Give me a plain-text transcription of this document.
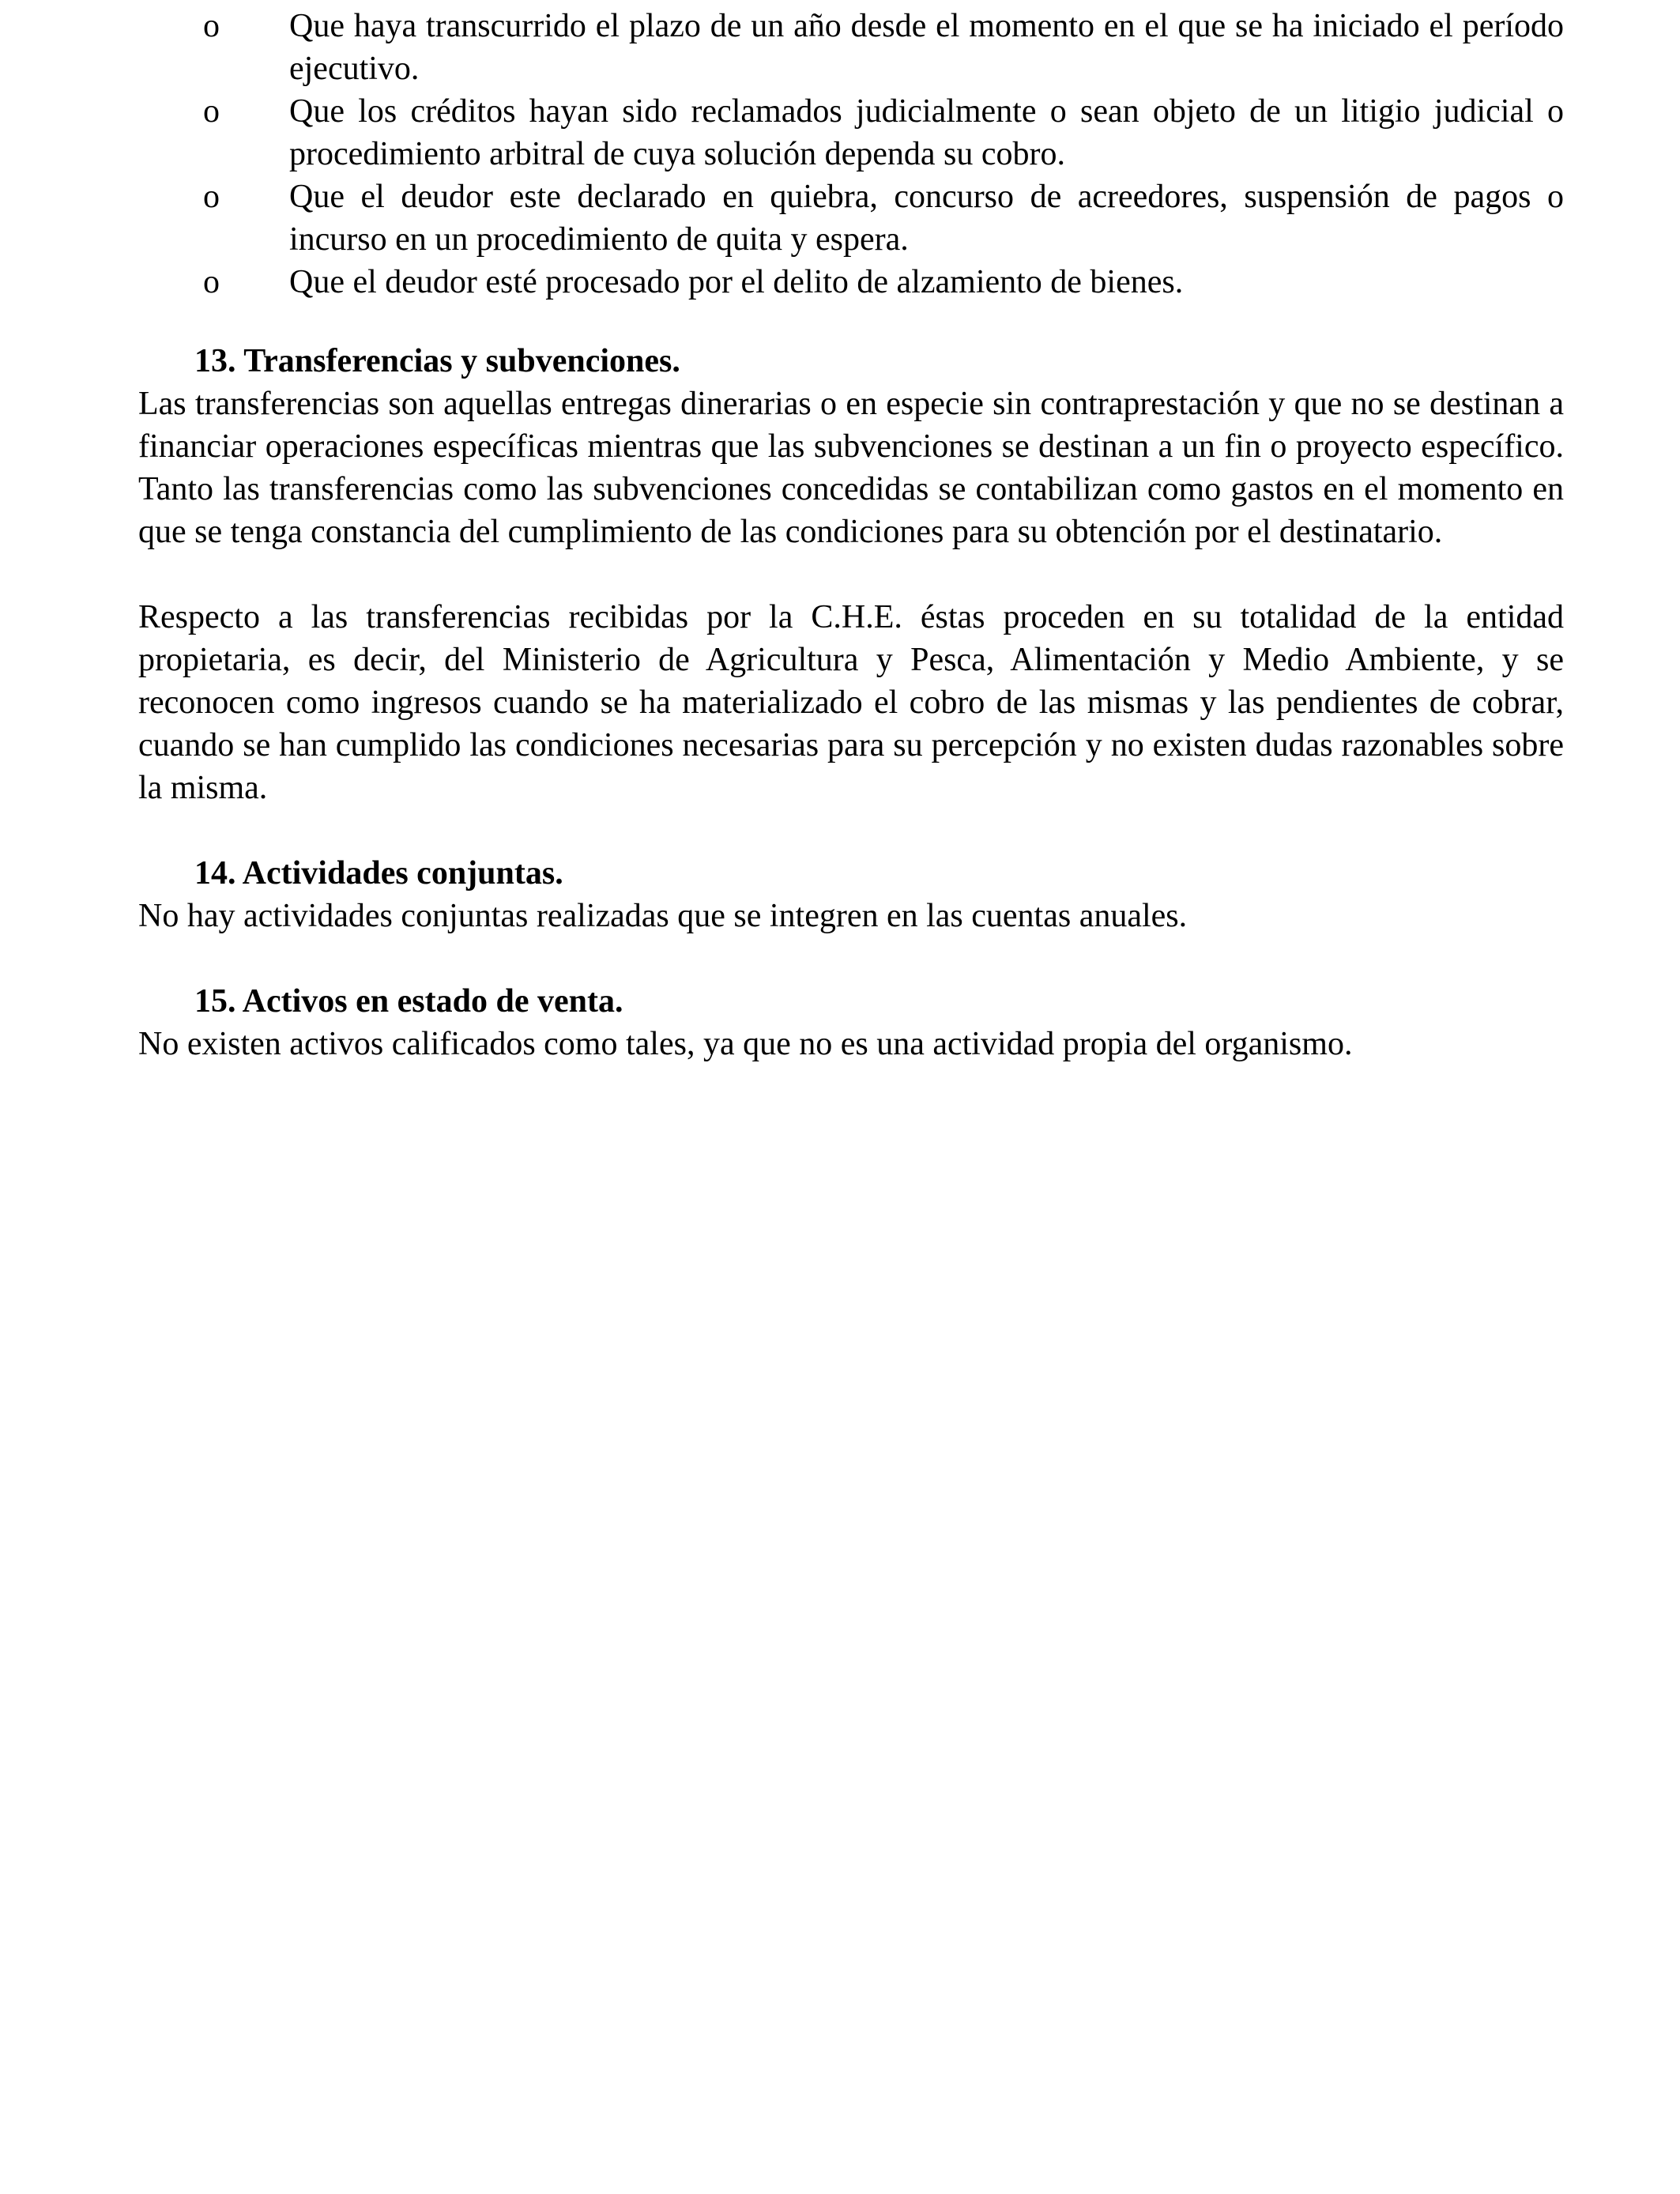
o	Que haya transcurrido el plazo de un año desde el momento en el que se ha iniciado el período ejecutivo.
o	Que los créditos hayan sido reclamados judicialmente o sean objeto de un litigio judicial o procedimiento arbitral de cuya solución dependa su cobro.
o	Que el deudor este declarado en quiebra, concurso de acreedores, suspensión de pagos o incurso en un procedimiento de quita y espera.
o	Que el deudor esté procesado por el delito de alzamiento de bienes.
13. Transferencias y subvenciones.

Las transferencias son aquellas entregas dinerarias o en especie sin contraprestación y que no se destinan a financiar operaciones específicas mientras que las subvenciones se destinan a un fin o proyecto específico. Tanto las transferencias como las subvenciones concedidas se contabilizan como gastos en el momento en que se tenga constancia del cumplimiento de las condiciones para su obtención por el destinatario.

Respecto a las transferencias recibidas por la C.H.E. éstas proceden en su totalidad de la entidad propietaria, es decir, del Ministerio de Agricultura y Pesca, Alimentación y Medio Ambiente, y se reconocen como ingresos cuando se ha materializado el cobro de las mismas y las pendientes de cobrar, cuando se han cumplido las condiciones necesarias para su percepción y no existen dudas razonables sobre la misma.

14. Actividades conjuntas.

No hay actividades conjuntas realizadas que se integren en las cuentas anuales.

15. Activos en estado de venta.

No existen activos calificados como tales, ya que no es una actividad propia del organismo.
